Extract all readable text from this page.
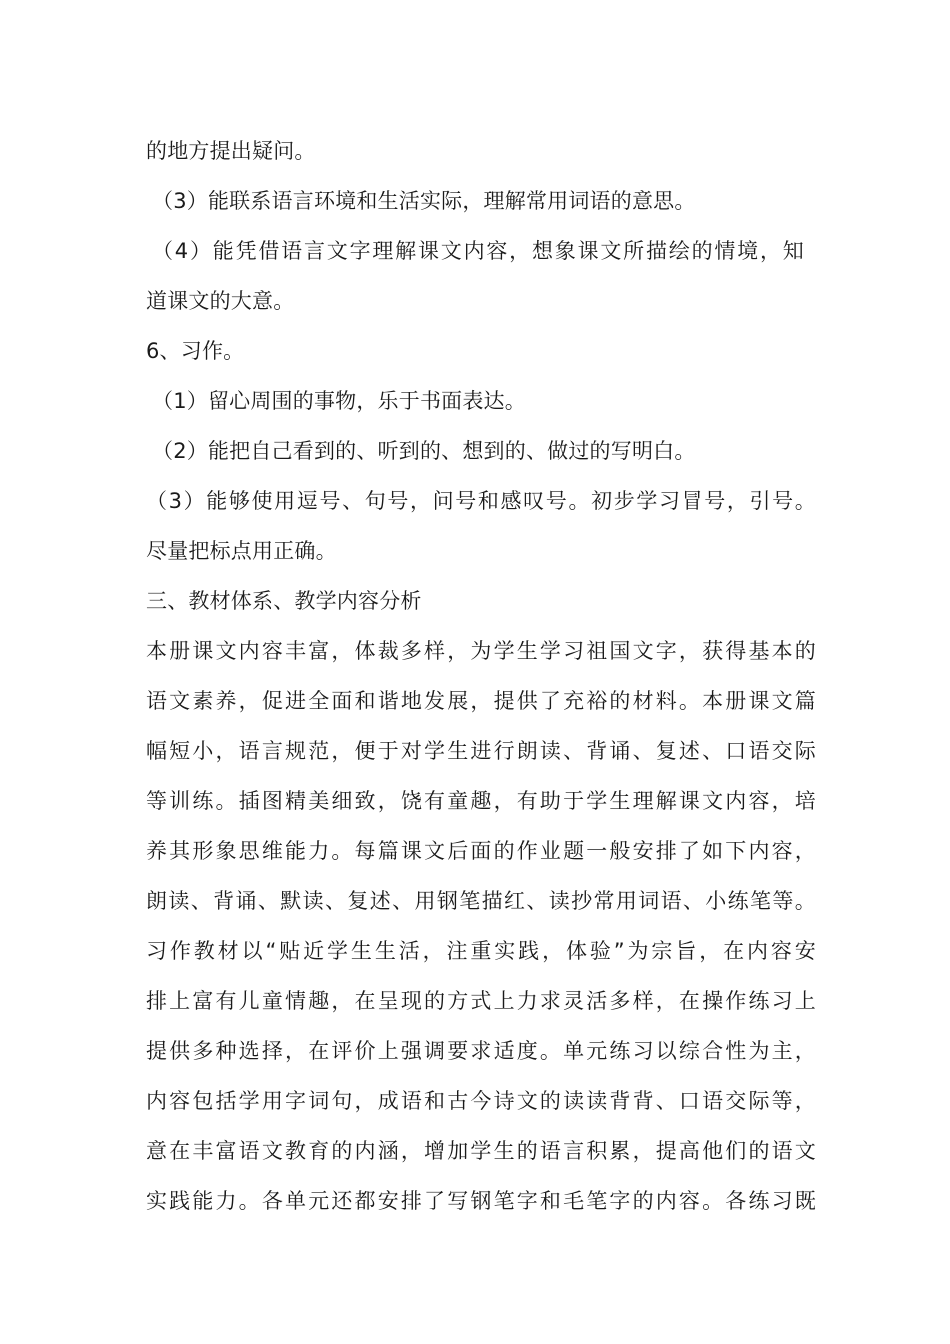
的地方提出疑问。
（3）能联系语言环境和生活实际，理解常用词语的意思。
（4）能凭借语言文字理解课文内容，想象课文所描绘的情境，知
道课文的大意。
6、习作。
（1）留心周围的事物，乐于书面表达。
（2）能把自己看到的、听到的、想到的、做过的写明白。
（3）能够使用逗号、句号，问号和感叹号。初步学习冒号，引号。
尽量把标点用正确。
三、教材体系、教学内容分析
本册课文内容丰富，体裁多样，为学生学习祖国文字，获得基本的
语文素养，促进全面和谐地发展，提供了充裕的材料。本册课文篇
幅短小，语言规范，便于对学生进行朗读、背诵、复述、口语交际
等训练。插图精美细致，饶有童趣，有助于学生理解课文内容，培
养其形象思维能力。每篇课文后面的作业题一般安排了如下内容，
朗读、背诵、默读、复述、用钢笔描红、读抄常用词语、小练笔等。
习作教材以“贴近学生生活，注重实践，体验”为宗旨，在内容安
排上富有儿童情趣，在呈现的方式上力求灵活多样，在操作练习上
提供多种选择，在评价上强调要求适度。单元练习以综合性为主，
内容包括学用字词句，成语和古今诗文的读读背背、口语交际等，
意在丰富语文教育的内涵，增加学生的语言积累，提高他们的语文
实践能力。各单元还都安排了写钢笔字和毛笔字的内容。各练习既
